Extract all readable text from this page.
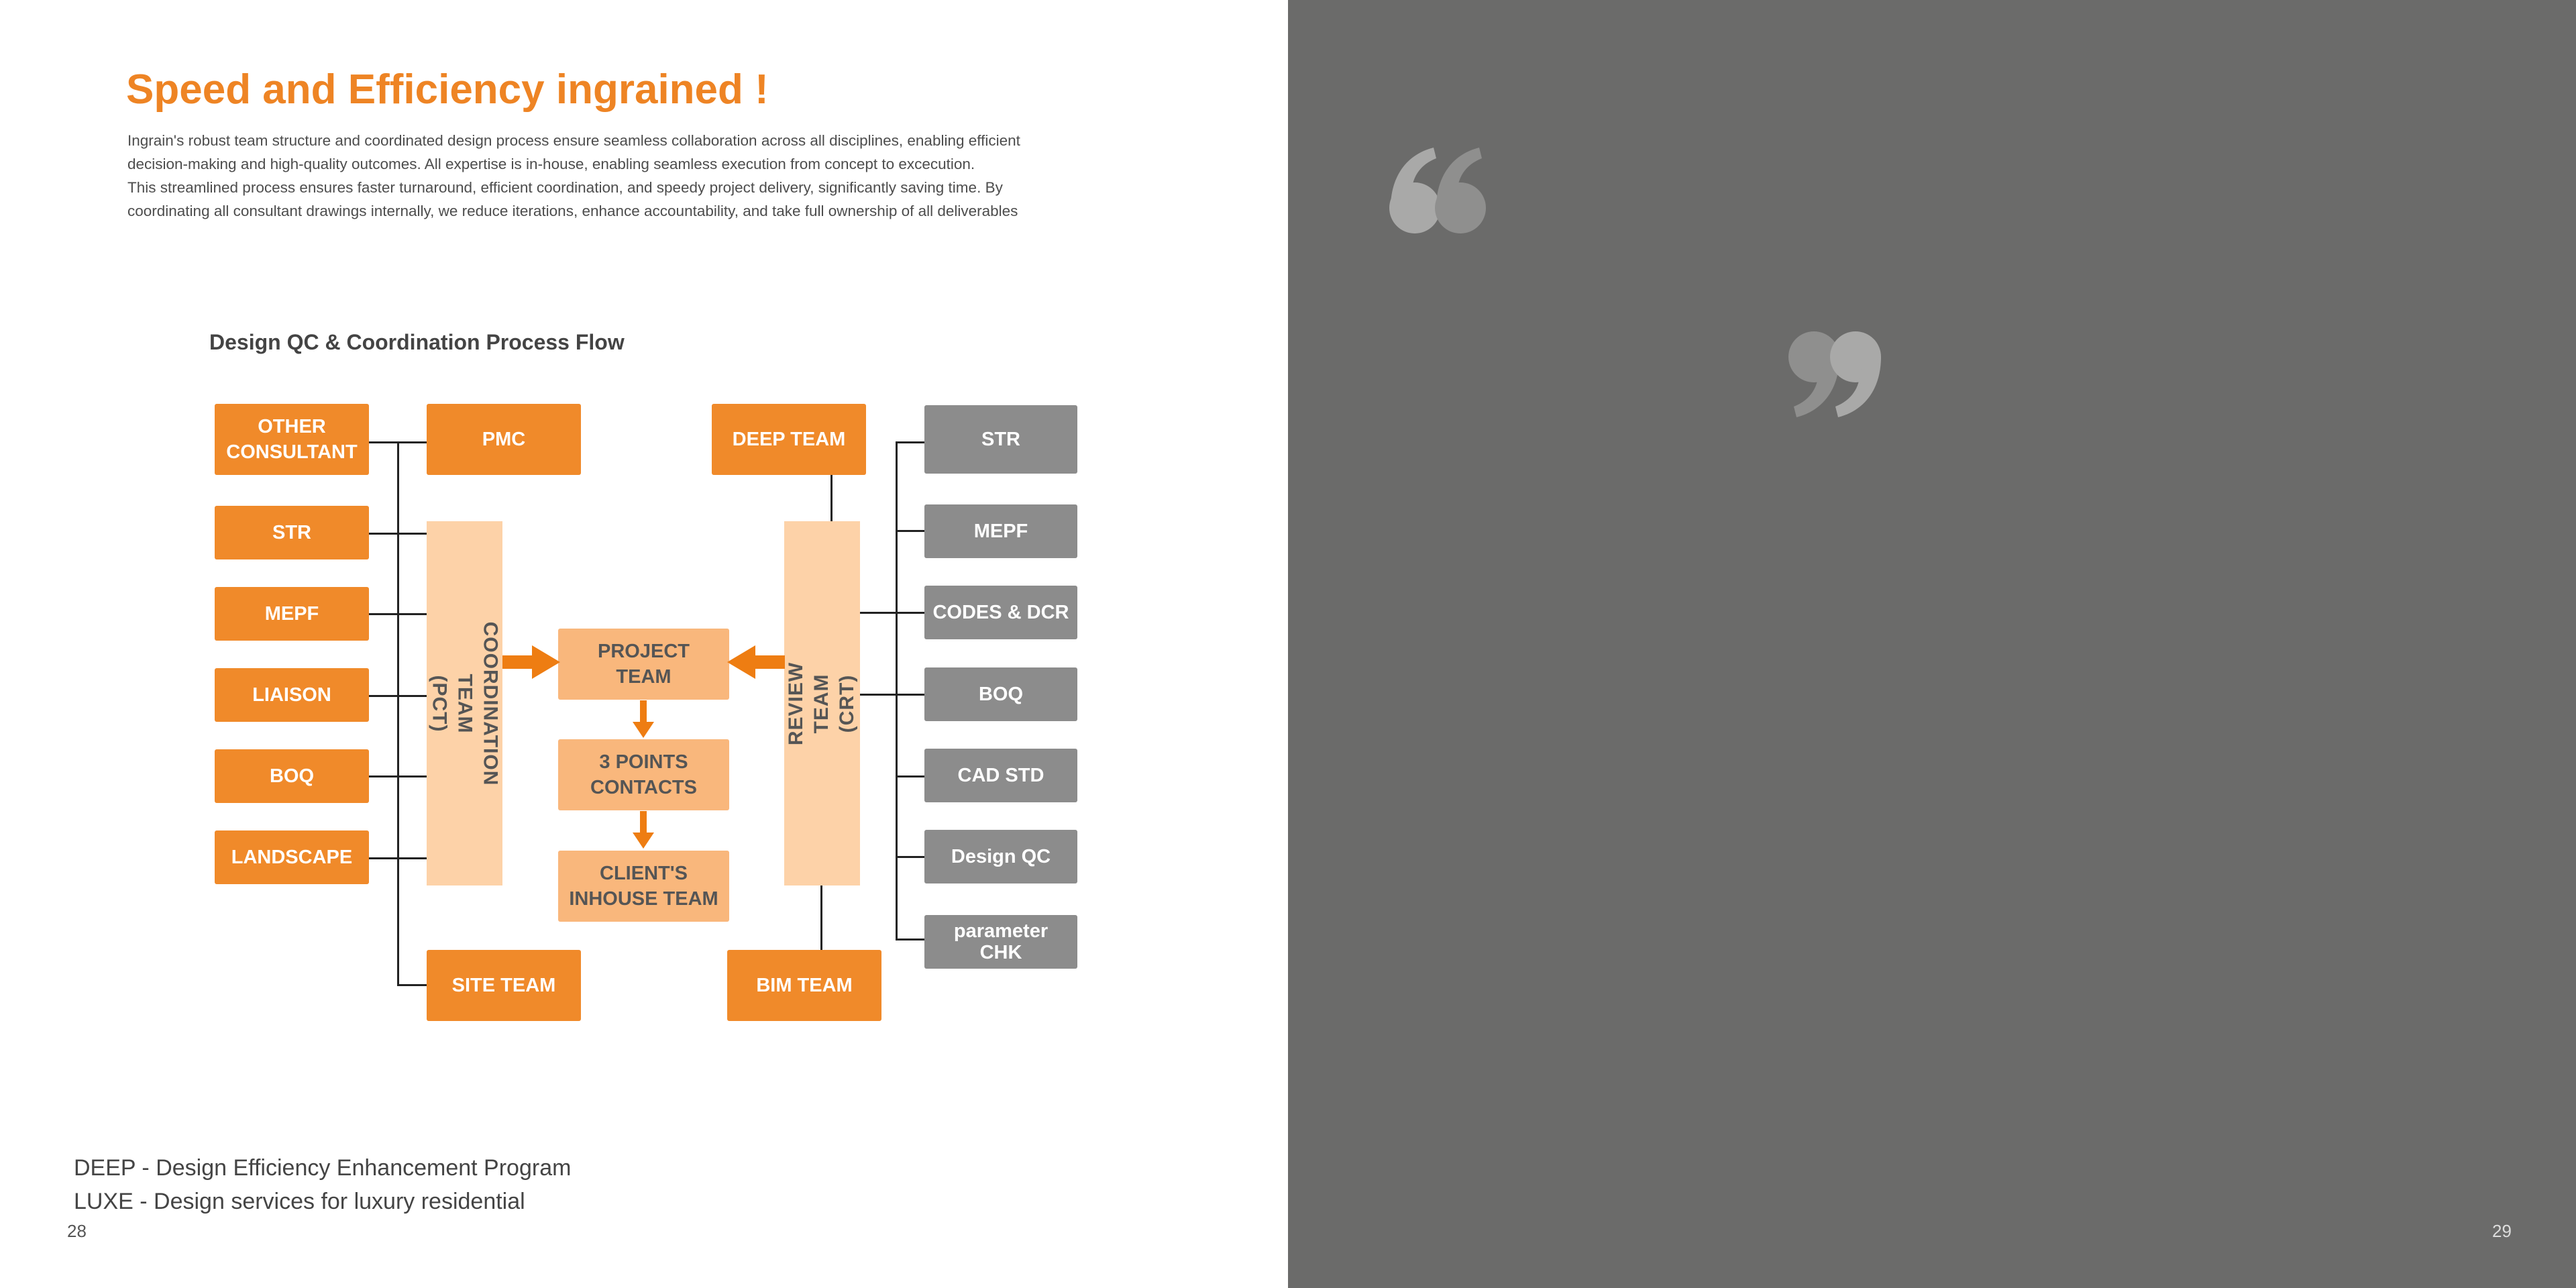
Speed and Efficiency ingrained !
Ingrain's robust team structure and coordinated design process ensure seamless collaboration across all disciplines, enabling efficient
decision-making and high-quality outcomes. All expertise is in-house, enabling seamless execution from concept to excecution.
This streamlined process ensures faster turnaround, efficient coordination, and speedy project delivery, significantly saving time. By
coordinating all consultant drawings internally, we reduce iterations, enhance accountability, and take full ownership of all deliverables
Design QC & Coordination Process Flow
OTHER
CONSULTANT
STR
MEPF
LIAISON
BOQ
LANDSCAPE
PMC
SITE TEAM
COORDINATION TEAM
(PCT)
PROJECT
TEAM
3 POINTS
CONTACTS
CLIENT'S
INHOUSE TEAM
REVIEW TEAM
(CRT)
DEEP TEAM
BIM TEAM
STR
MEPF
CODES & DCR
BOQ
CAD STD
Design QC
parameter
CHK
DEEP - Design Efficiency Enhancement Program
LUXE - Design services for luxury residential
28	29
